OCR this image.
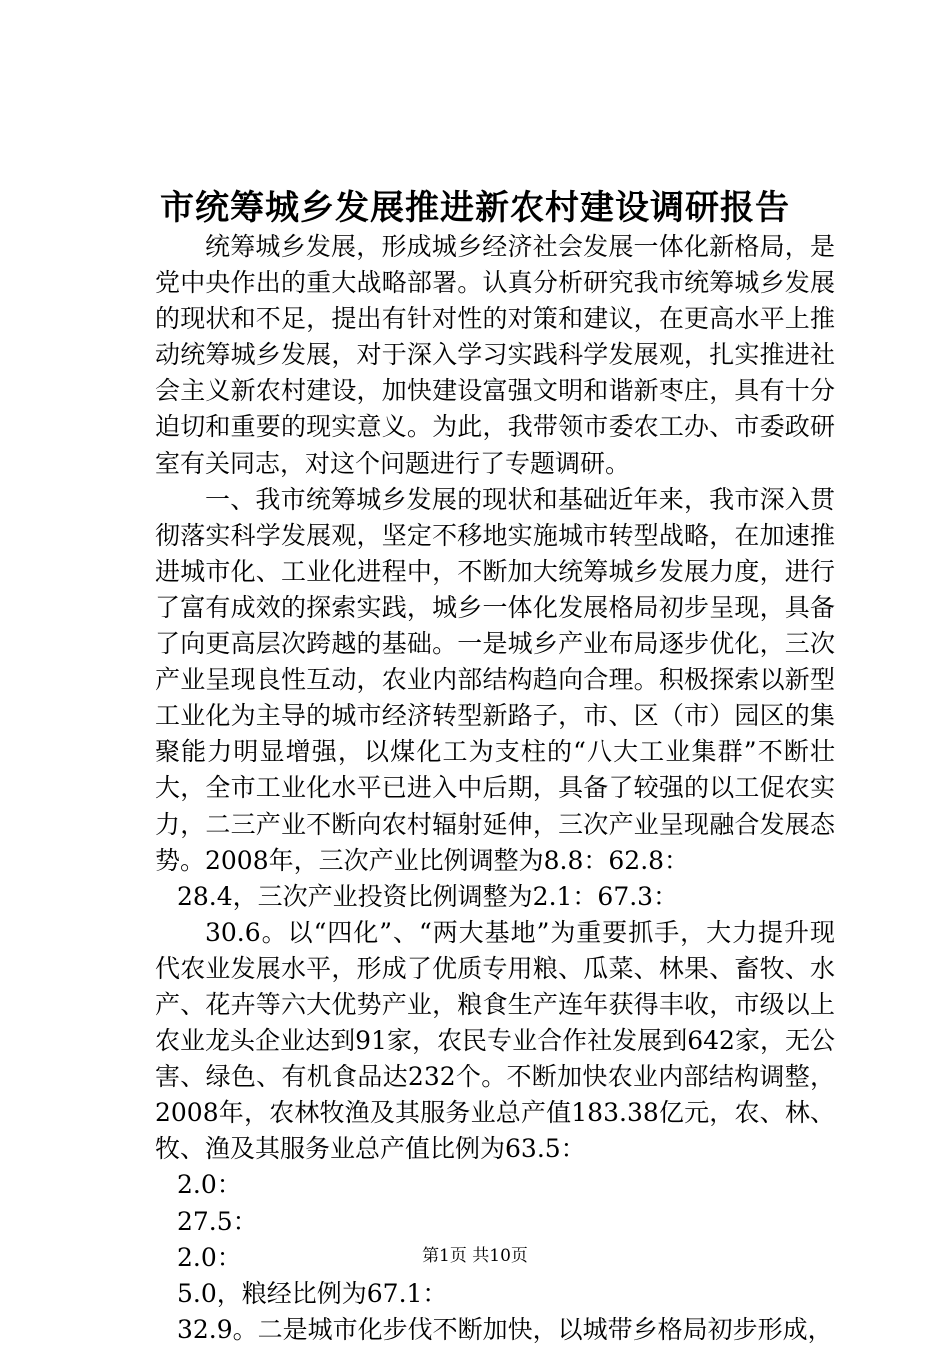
市统筹城乡发展推进新农村建设调研报告

统筹城乡发展，形成城乡经济社会发展一体化新格局，是党中央作出的重大战略部署。认真分析研究我市统筹城乡发展的现状和不足，提出有针对性的对策和建议，在更高水平上推动统筹城乡发展，对于深入学习实践科学发展观，扎实推进社会主义新农村建设，加快建设富强文明和谐新枣庄，具有十分迫切和重要的现实意义。为此，我带领市委农工办、市委政研室有关同志，对这个问题进行了专题调研。

一、我市统筹城乡发展的现状和基础近年来，我市深入贯彻落实科学发展观，坚定不移地实施城市转型战略，在加速推进城市化、工业化进程中，不断加大统筹城乡发展力度，进行了富有成效的探索实践，城乡一体化发展格局初步呈现，具备了向更高层次跨越的基础。一是城乡产业布局逐步优化，三次产业呈现良性互动，农业内部结构趋向合理。积极探索以新型工业化为主导的城市经济转型新路子，市、区（市）园区的集聚能力明显增强，以煤化工为支柱的“八大工业集群”不断壮大，全市工业化水平已进入中后期，具备了较强的以工促农实力，二三产业不断向农村辐射延伸，三次产业呈现融合发展态势。2008年，三次产业比例调整为8.8：62.8：

28.4，三次产业投资比例调整为2.1：67.3：

30.6。以“四化”、“两大基地”为重要抓手，大力提升现代农业发展水平，形成了优质专用粮、瓜菜、林果、畜牧、水产、花卉等六大优势产业，粮食生产连年获得丰收，市级以上农业龙头企业达到91家，农民专业合作社发展到642家，无公害、绿色、有机食品达232个。不断加快农业内部结构调整，2008年，农林牧渔及其服务业总产值183.38亿元，农、林、牧、渔及其服务业总产值比例为63.5：

2.0：

27.5：

2.0：

5.0，粮经比例为67.1：

32.9。二是城市化步伐不断加快，以城带乡格局初步形成，

第1页 共10页
